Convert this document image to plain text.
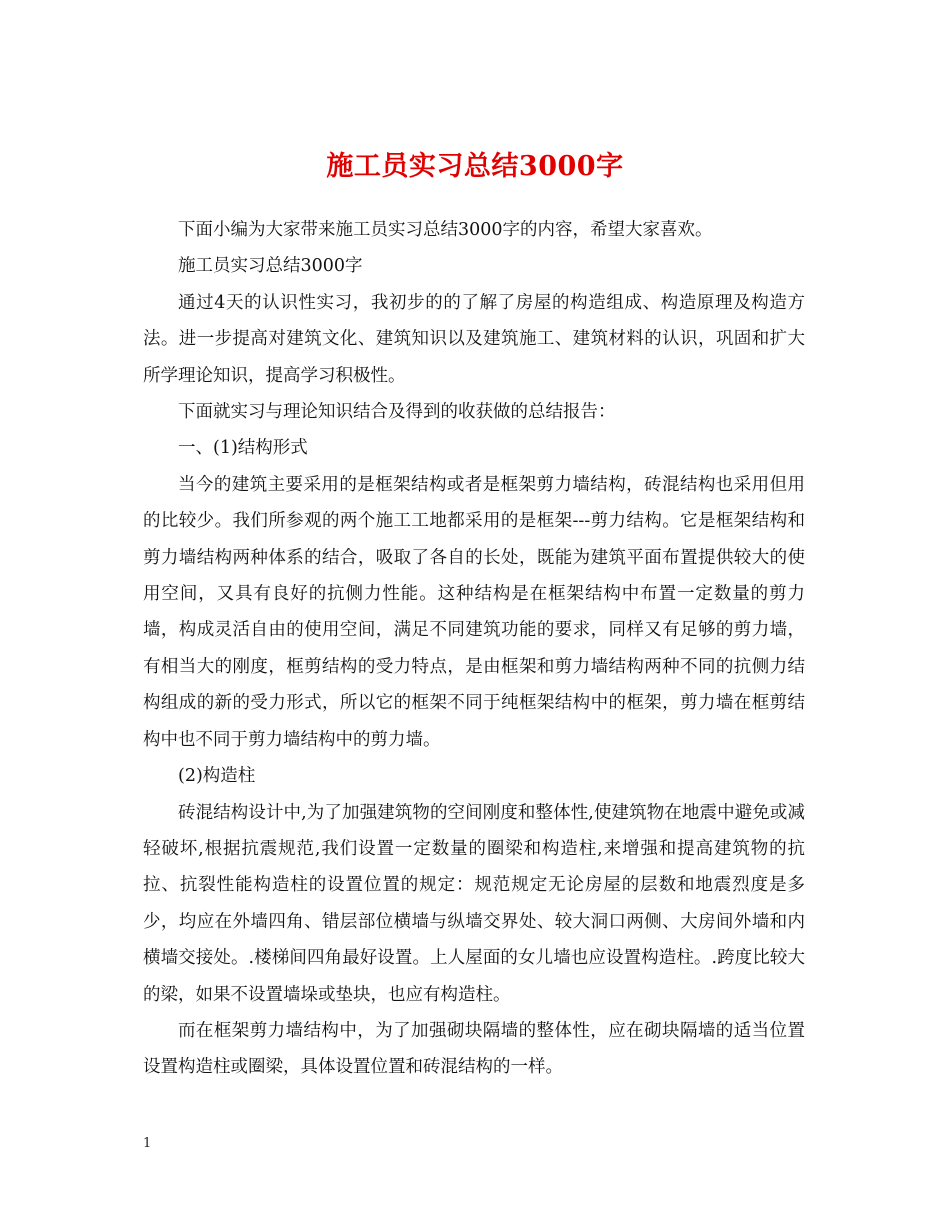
施工员实习总结3000字

下面小编为大家带来施工员实习总结3000字的内容，希望大家喜欢。

施工员实习总结3000字

通过4天的认识性实习，我初步的的了解了房屋的构造组成、构造原理及构造方法。进一步提高对建筑文化、建筑知识以及建筑施工、建筑材料的认识，巩固和扩大所学理论知识，提高学习积极性。

下面就实习与理论知识结合及得到的收获做的总结报告：

一、(1)结构形式

当今的建筑主要采用的是框架结构或者是框架剪力墙结构，砖混结构也采用但用的比较少。我们所参观的两个施工工地都采用的是框架---剪力结构。它是框架结构和剪力墙结构两种体系的结合，吸取了各自的长处，既能为建筑平面布置提供较大的使用空间，又具有良好的抗侧力性能。这种结构是在框架结构中布置一定数量的剪力墙，构成灵活自由的使用空间，满足不同建筑功能的要求，同样又有足够的剪力墙，有相当大的刚度，框剪结构的受力特点，是由框架和剪力墙结构两种不同的抗侧力结构组成的新的受力形式，所以它的框架不同于纯框架结构中的框架，剪力墙在框剪结构中也不同于剪力墙结构中的剪力墙。

(2)构造柱

砖混结构设计中,为了加强建筑物的空间刚度和整体性,使建筑物在地震中避免或减轻破坏,根据抗震规范,我们设置一定数量的圈梁和构造柱,来增强和提高建筑物的抗拉、抗裂性能构造柱的设置位置的规定：规范规定无论房屋的层数和地震烈度是多少，均应在外墙四角、错层部位横墙与纵墙交界处、较大洞口两侧、大房间外墙和内横墙交接处。.楼梯间四角最好设置。上人屋面的女儿墙也应设置构造柱。.跨度比较大的梁，如果不设置墙垛或垫块，也应有构造柱。

而在框架剪力墙结构中，为了加强砌块隔墙的整体性，应在砌块隔墙的适当位置设置构造柱或圈梁，具体设置位置和砖混结构的一样。

1
